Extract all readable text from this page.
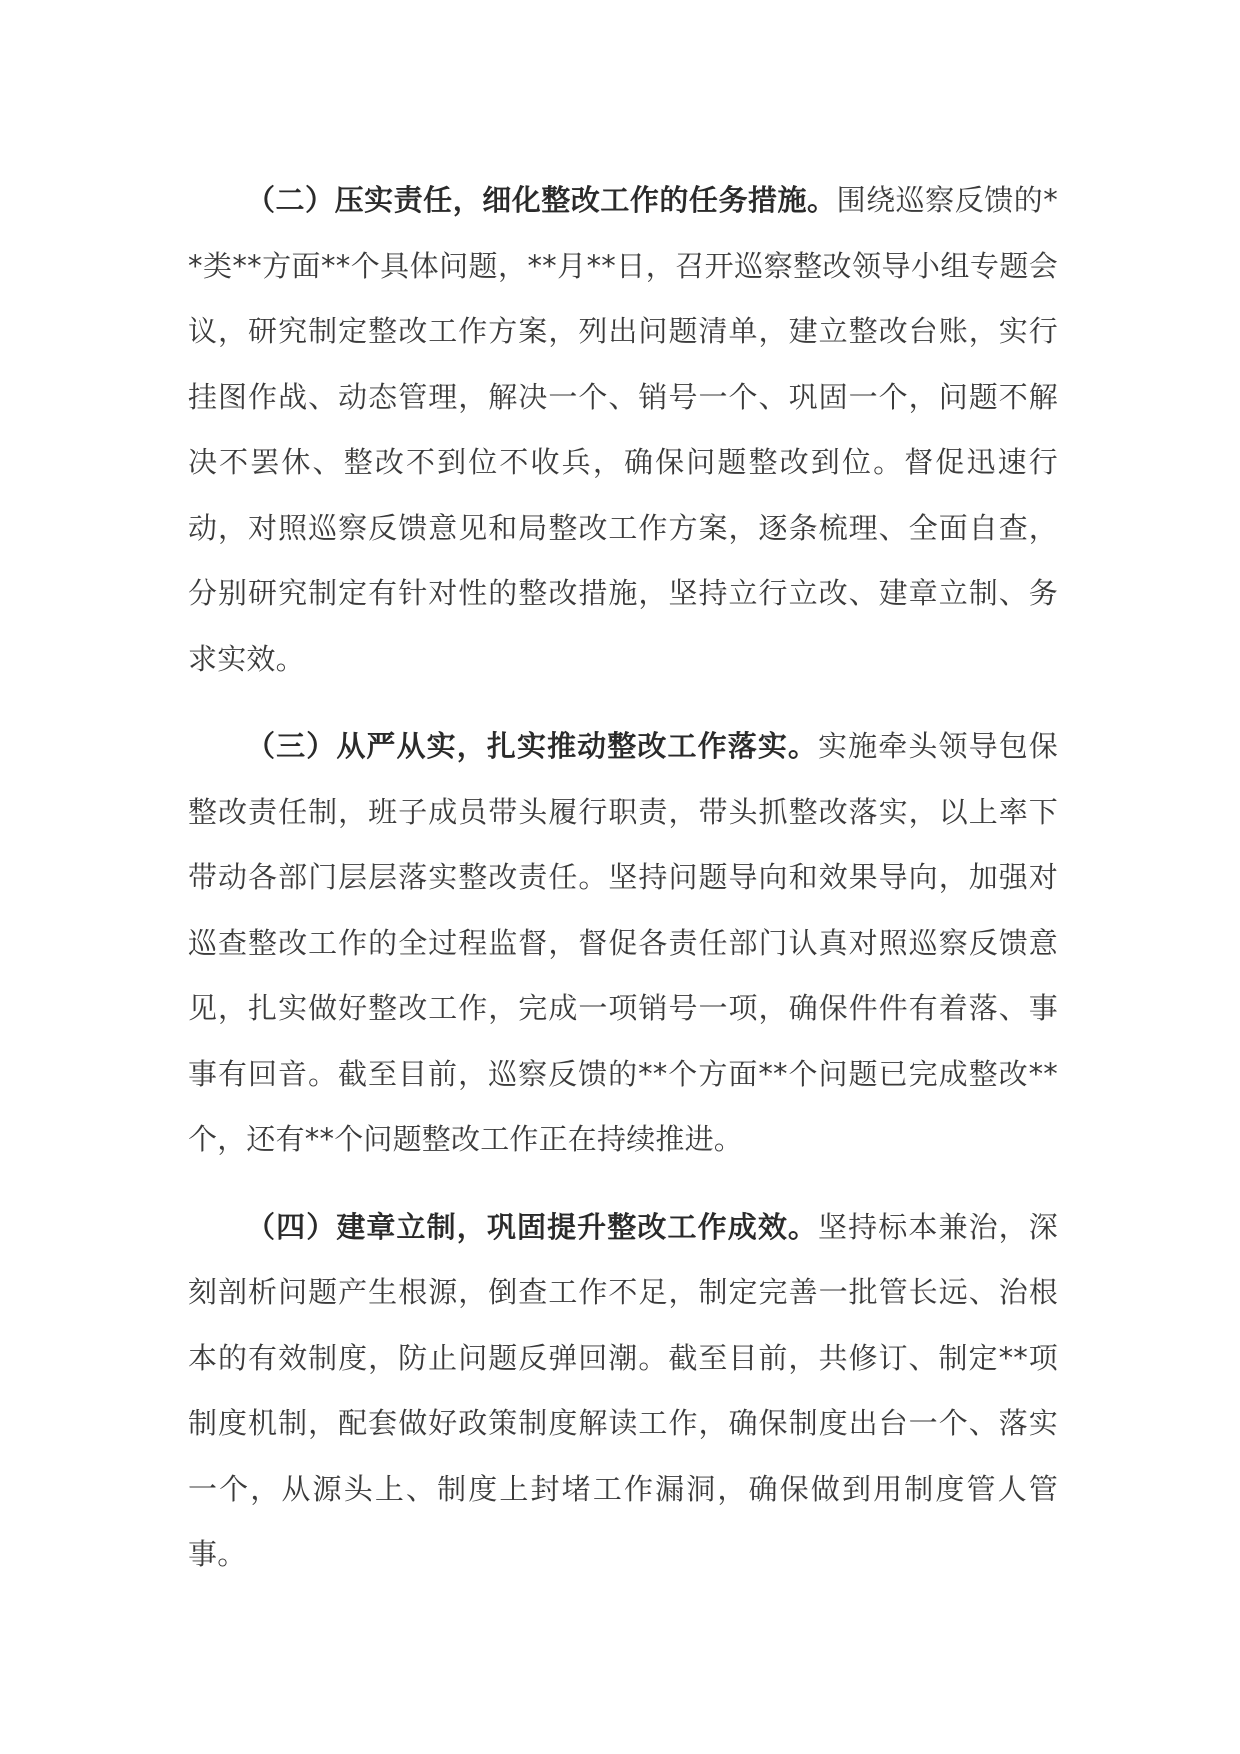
（二）压实责任，细化整改工作的任务措施。围绕巡察反馈的**类**方面**个具体问题，**月**日，召开巡察整改领导小组专题会议，研究制定整改工作方案，列出问题清单，建立整改台账，实行挂图作战、动态管理，解决一个、销号一个、巩固一个，问题不解决不罢休、整改不到位不收兵，确保问题整改到位。督促迅速行动，对照巡察反馈意见和局整改工作方案，逐条梳理、全面自查，分别研究制定有针对性的整改措施，坚持立行立改、建章立制、务求实效。

（三）从严从实，扎实推动整改工作落实。实施牵头领导包保整改责任制，班子成员带头履行职责，带头抓整改落实，以上率下带动各部门层层落实整改责任。坚持问题导向和效果导向，加强对巡查整改工作的全过程监督，督促各责任部门认真对照巡察反馈意见，扎实做好整改工作，完成一项销号一项，确保件件有着落、事事有回音。截至目前，巡察反馈的**个方面**个问题已完成整改**个，还有**个问题整改工作正在持续推进。

（四）建章立制，巩固提升整改工作成效。坚持标本兼治，深刻剖析问题产生根源，倒查工作不足，制定完善一批管长远、治根本的有效制度，防止问题反弹回潮。截至目前，共修订、制定**项制度机制，配套做好政策制度解读工作，确保制度出台一个、落实一个，从源头上、制度上封堵工作漏洞，确保做到用制度管人管事。
